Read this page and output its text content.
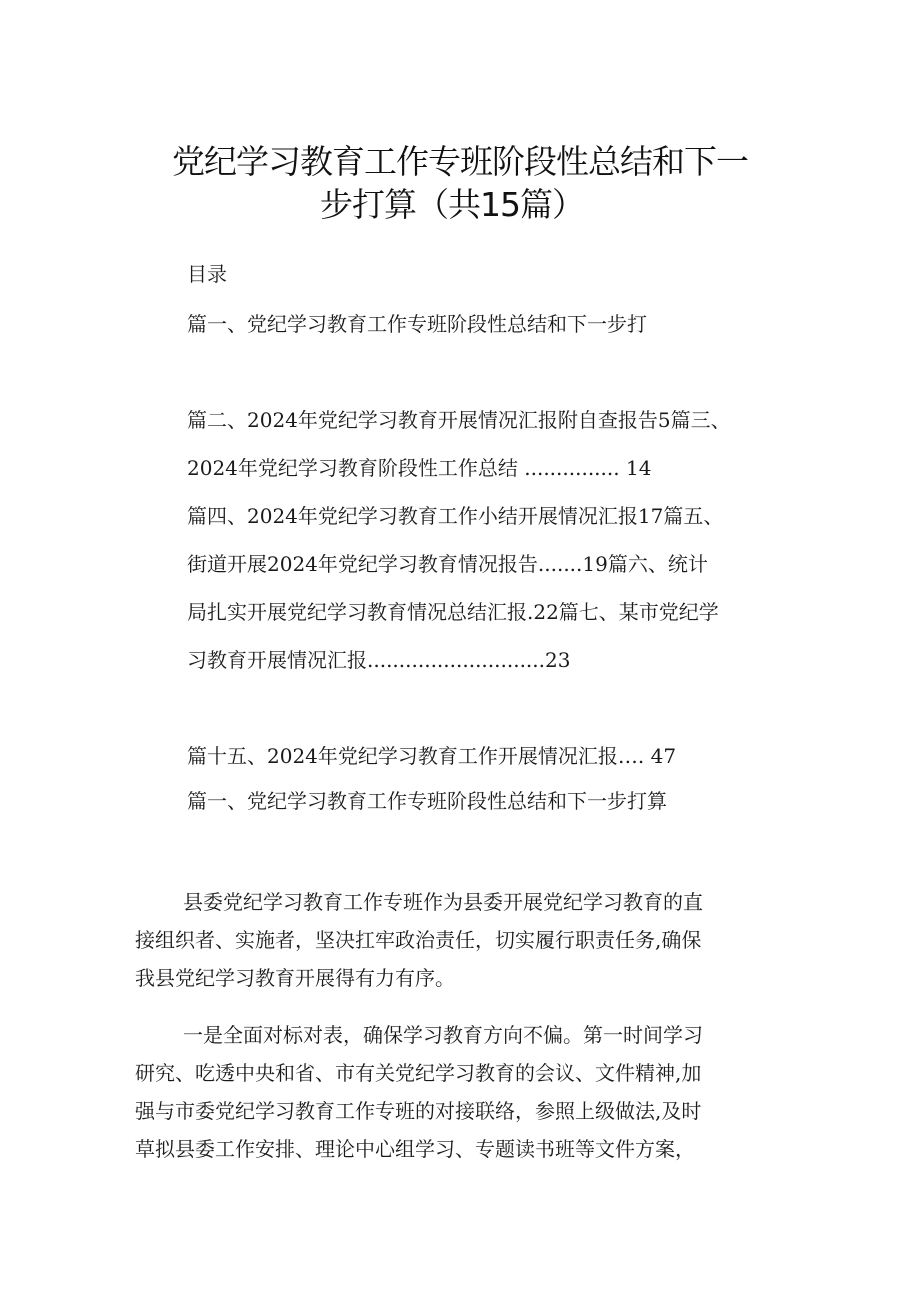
党纪学习教育工作专班阶段性总结和下一
步打算（共15篇）
目录
篇一、党纪学习教育工作专班阶段性总结和下一步打
篇二、2024年党纪学习教育开展情况汇报附自查报告5篇三、
2024年党纪学习教育阶段性工作总结 ............... 14
篇四、2024年党纪学习教育工作小结开展情况汇报17篇五、
街道开展2024年党纪学习教育情况报告.......19篇六、统计
局扎实开展党纪学习教育情况总结汇报.22篇七、某市党纪学
习教育开展情况汇报............................23
篇十五、2024年党纪学习教育工作开展情况汇报…. 47
篇一、党纪学习教育工作专班阶段性总结和下一步打算
县委党纪学习教育工作专班作为县委开展党纪学习教育的直
接组织者、实施者，坚决扛牢政治责任，切实履行职责任务,确保
我县党纪学习教育开展得有力有序。
一是全面对标对表，确保学习教育方向不偏。第一时间学习
研究、吃透中央和省、市有关党纪学习教育的会议、文件精神,加
强与市委党纪学习教育工作专班的对接联络，参照上级做法,及时
草拟县委工作安排、理论中心组学习、专题读书班等文件方案，
